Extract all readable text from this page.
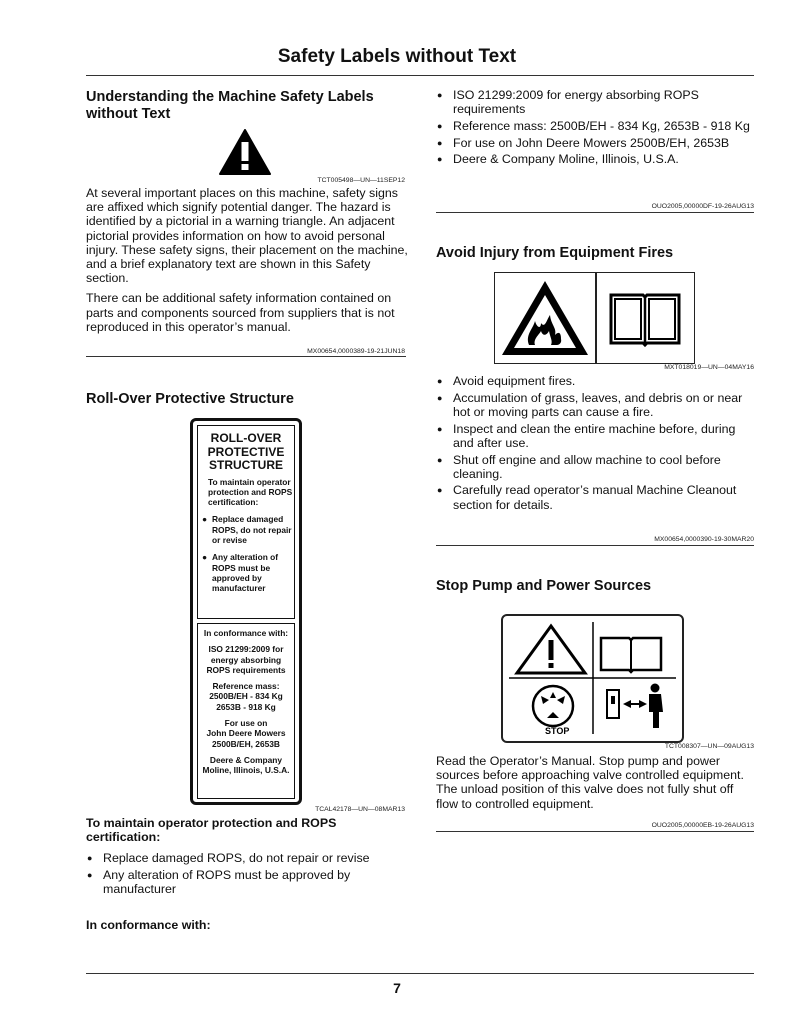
Safety Labels without Text
Understanding the Machine Safety Labels without Text
TCT005498—UN—11SEP12

At several important places on this machine, safety signs are affixed which signify potential danger. The hazard is identified by a pictorial in a warning triangle. An adjacent pictorial provides information on how to avoid personal injury. These safety signs, their placement on the machine, and a brief explanatory text are shown in this Safety section.

There can be additional safety information contained on parts and components sourced from suppliers that is not reproduced in this operator’s manual.

MX00654,0000389-19-21JUN18
Roll-Over Protective Structure
ROLL-OVER
PROTECTIVE
STRUCTURE
To maintain operator protection and ROPS certification:
● Replace damaged ROPS, do not repair or revise
● Any alteration of ROPS must be approved by manufacturer
In conformance with:
ISO 21299:2009 for energy absorbing ROPS requirements
Reference mass:
2500B/EH - 834 Kg
2653B - 918 Kg
For use on
John Deere Mowers
2500B/EH, 2653B
Deere & Company
Moline, Illinois, U.S.A.
TCAL42178—UN—08MAR13
To maintain operator protection and ROPS certification:
● Replace damaged ROPS, do not repair or revise
● Any alteration of ROPS must be approved by manufacturer
In conformance with:
● ISO 21299:2009 for energy absorbing ROPS requirements
● Reference mass: 2500B/EH - 834 Kg, 2653B - 918 Kg
● For use on John Deere Mowers 2500B/EH, 2653B
● Deere & Company Moline, Illinois, U.S.A.
OUO2005,00000DF-19-26AUG13
Avoid Injury from Equipment Fires
MXT018019—UN—04MAY16
● Avoid equipment fires.
● Accumulation of grass, leaves, and debris on or near hot or moving parts can cause a fire.
● Inspect and clean the entire machine before, during and after use.
● Shut off engine and allow machine to cool before cleaning.
● Carefully read operator’s manual Machine Cleanout section for details.
MX00654,0000390-19-30MAR20
Stop Pump and Power Sources
STOP
TCT008307—UN—09AUG13
Read the Operator’s Manual. Stop pump and power sources before approaching valve controlled equipment. The unload position of this valve does not fully shut off flow to controlled equipment.
OUO2005,00000EB-19-26AUG13
7
